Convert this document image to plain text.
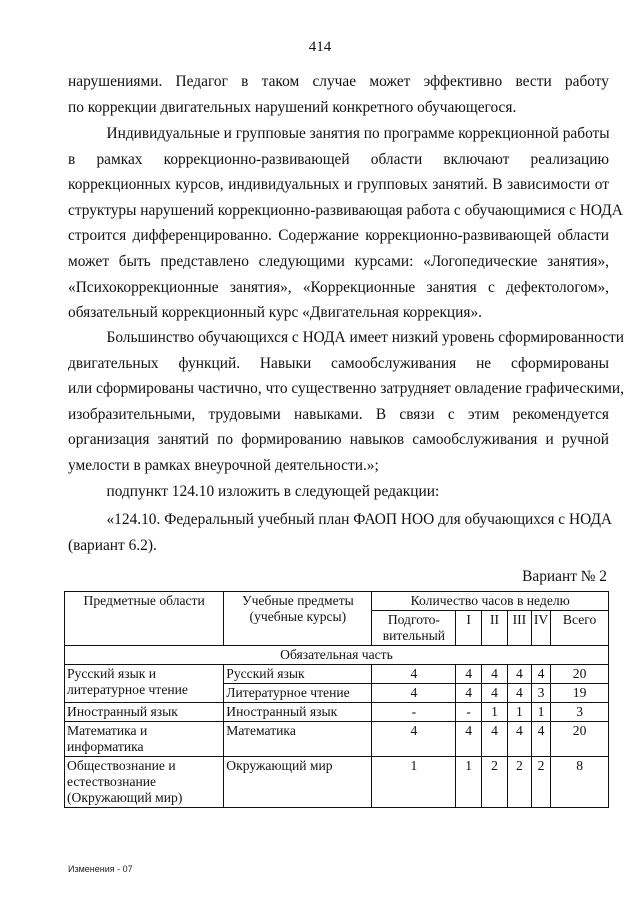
414
нарушениями. Педагог в таком случае может эффективно вести работу
по коррекции двигательных нарушений конкретного обучающегося.
Индивидуальные и групповые занятия по программе коррекционной работы
в рамках коррекционно-развивающей области включают реализацию
коррекционных курсов, индивидуальных и групповых занятий. В зависимости от
структуры нарушений коррекционно-развивающая работа с обучающимися с НОДА
строится дифференцированно. Содержание коррекционно-развивающей области
может быть представлено следующими курсами: «Логопедические занятия»,
«Психокоррекционные занятия», «Коррекционные занятия с дефектологом»,
обязательный коррекционный курс «Двигательная коррекция».
Большинство обучающихся с НОДА имеет низкий уровень сформированности
двигательных функций. Навыки самообслуживания не сформированы
или сформированы частично, что существенно затрудняет овладение графическими,
изобразительными, трудовыми навыками. В связи с этим рекомендуется
организация занятий по формированию навыков самообслуживания и ручной
умелости в рамках внеурочной деятельности.»;
подпункт 124.10 изложить в следующей редакции:
«124.10. Федеральный учебный план ФАОП НОО для обучающихся с НОДА
(вариант 6.2).
Вариант № 2
Предметные области	Учебные предметы (учебные курсы)	Количество часов в неделю					
		Подгото-вительный	I	II	III	IV	Всего
Обязательная часть							
Русский язык и литературное чтение	Русский язык	4	4	4	4	4	20
	Литературное чтение	4	4	4	4	3	19
Иностранный язык	Иностранный язык	-	-	1	1	1	3
Математика и информатика	Математика	4	4	4	4	4	20
Обществознание и естествознание (Окружающий мир)	Окружающий мир	1	1	2	2	2	8
Изменения - 07
